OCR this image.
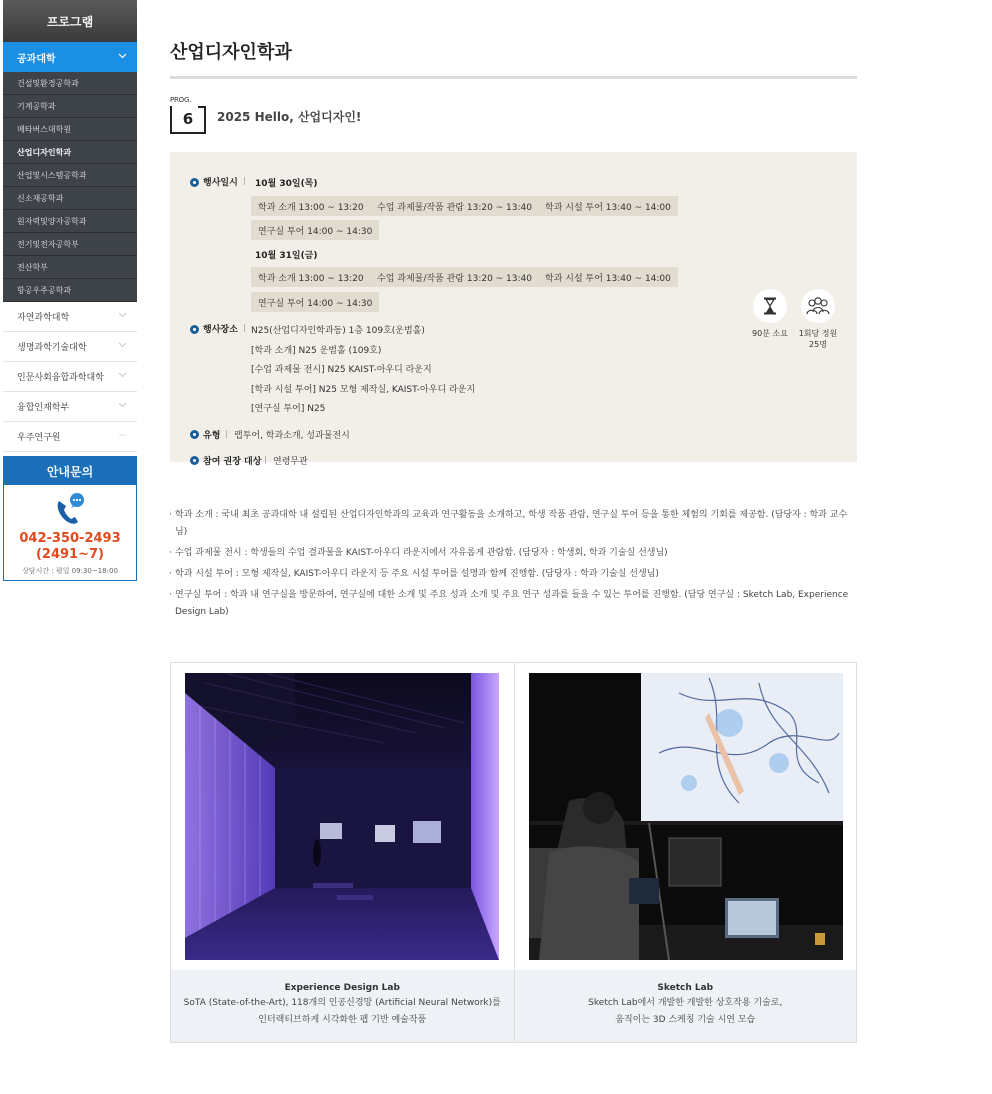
프로그램
공과대학
건설및환경공학과
기계공학과
메타버스대학원
산업디자인학과
산업및시스템공학과
신소재공학과
원자력및양자공학과
전기및전자공학부
전산학부
항공우주공학과
자연과학대학
생명과학기술대학
인문사회융합과학대학
융합인재학부
우주연구원
안내문의
042-350-2493
(2491~7)
상담시간 : 평일 09:30~18:00
산업디자인학과
PROG.
6	2025 Hello, 산업디자인!
행사일시 | 10월 30일(목)
학과 소개 13:00 ~ 13:20	수업 과제물/작품 관람 13:20 ~ 13:40	학과 시설 투어 13:40 ~ 14:00
연구실 투어 14:00 ~ 14:30
10월 31일(금)
학과 소개 13:00 ~ 13:20	수업 과제물/작품 관람 13:20 ~ 13:40	학과 시설 투어 13:40 ~ 14:00
연구실 투어 14:00 ~ 14:30
행사장소 | N25(산업디자인학과동) 1층 109호(운범홀)
[학과 소개] N25 운범홀 (109호)
[수업 과제물 전시] N25 KAIST-아우디 라운지
[학과 시설 투어] N25 모형 제작실, KAIST-아우디 라운지
[연구실 투어] N25
유형 | 랩투어, 학과소개, 성과물전시
참여 권장 대상 | 연령무관
90분 소요	1회당 정원
25명
· 학과 소개 : 국내 최초 공과대학 내 설립된 산업디자인학과의 교육과 연구활동을 소개하고, 학생 작품 관람, 연구실 투어 등을 통한 체험의 기회를 제공함. (담당자 : 학과 교수님)
· 수업 과제물 전시 : 학생들의 수업 결과물을 KAIST-아우디 라운지에서 자유롭게 관람함. (담당자 : 학생회, 학과 기술실 선생님)
· 학과 시설 투어 : 모형 제작실, KAIST-아우디 라운지 등 주요 시설 투어를 설명과 함께 진행함. (담당자 : 학과 기술실 선생님)
· 연구실 투어 : 학과 내 연구실을 방문하여, 연구실에 대한 소개 및 주요 성과 소개 및 주요 연구 성과를 들을 수 있는 투어를 진행함. (담당 연구실 : Sketch Lab, Experience Design Lab)
Experience Design Lab
SoTA (State-of-the-Art), 118개의 인공신경망 (Artificial Neural Network)를
인터랙티브하게 시각화한 펩 기반 예술작품
Sketch Lab
Sketch Lab에서 개발한 개발한 상호작용 기술로,
움직이는 3D 스케칭 기술 시연 모습
